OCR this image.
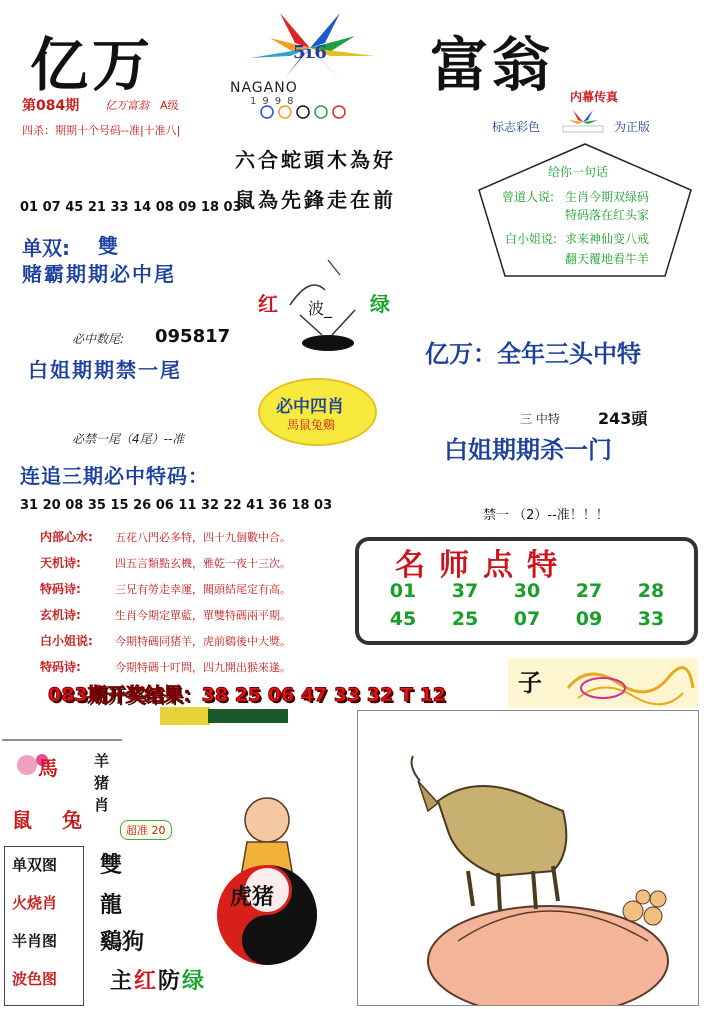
亿万	富翁
5ւ6
NAGANO
1998
第084期 亿万富翁 A级
四杀：期期十个号码--准|十准八|
六合蛇頭木為好
鼠為先鋒走在前
内幕传真
标志彩色	为正版
给你一句话
曾道人说: 生肖今期双绿码
特码落在红头家
白小姐说: 求来神仙变八戒
翻天覆地看牛羊
01 07 45 21 33 14 08 09 18 03
单双: 雙
赌霸期期必中尾
红 波_ 绿
必中数尾: 095817
白姐期期禁一尾
亿万：全年三头中特
必中四肖
馬鼠兔鷄	三 中特 243頭
白姐期期杀一门
必禁一尾（4尾）--准
连追三期必中特码：
31 20 08 35 15 26 06 11 32 22 41 36 18 03
禁一 （2）--准！！！
内部心水: 五花八門必多特，四十九個數中合。
天机诗:	四五言類點玄機，雅乾一夜十三次。
特码诗:	三兄有勞走幸運，聞頭結尾定有高。
玄机诗:	生肖今期定單藍，單雙特碼兩平期。
白小姐说: 今期特碼同猪羊，虎前鷄後中大獎。
特码诗:	今期特碼十叮問，四九開出猴來逢。
名师点特
01	37	30	27	28
45	25	07	09	33
083期开奖结果：38 25 06 47 33 32 T 12	子
馬
鼠 兔
羊猪肖
超准 20
单双图
火烧肖
半肖图
波色图
雙
龍
鷄狗
虎猪
主 红 防 绿
